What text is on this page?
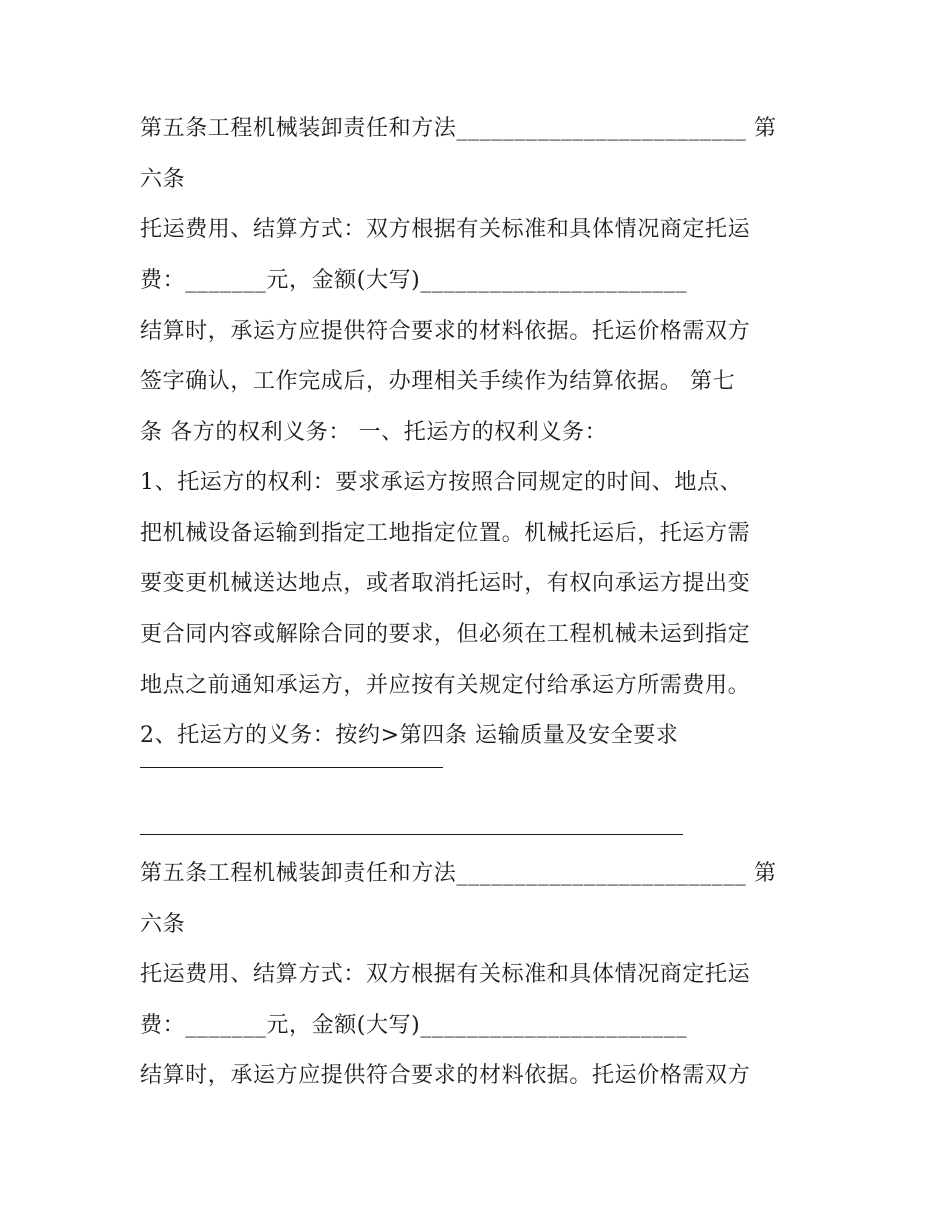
第五条工程机械装卸责任和方法_________________________ 第
六条
托运费用、结算方式：双方根据有关标准和具体情况商定托运
费：_______元，金额(大写)_______________________
结算时，承运方应提供符合要求的材料依据。托运价格需双方
签字确认，工作完成后，办理相关手续作为结算依据。 第七
条 各方的权利义务： 一、托运方的权利义务：
1、托运方的权利：要求承运方按照合同规定的时间、地点、
把机械设备运输到指定工地指定位置。机械托运后，托运方需
要变更机械送达地点，或者取消托运时，有权向承运方提出变
更合同内容或解除合同的要求，但必须在工程机械未运到指定
地点之前通知承运方，并应按有关规定付给承运方所需费用。
2、托运方的义务：按约>第四条 运输质量及安全要求
第五条工程机械装卸责任和方法_________________________ 第
六条
托运费用、结算方式：双方根据有关标准和具体情况商定托运
费：_______元，金额(大写)_______________________
结算时，承运方应提供符合要求的材料依据。托运价格需双方
